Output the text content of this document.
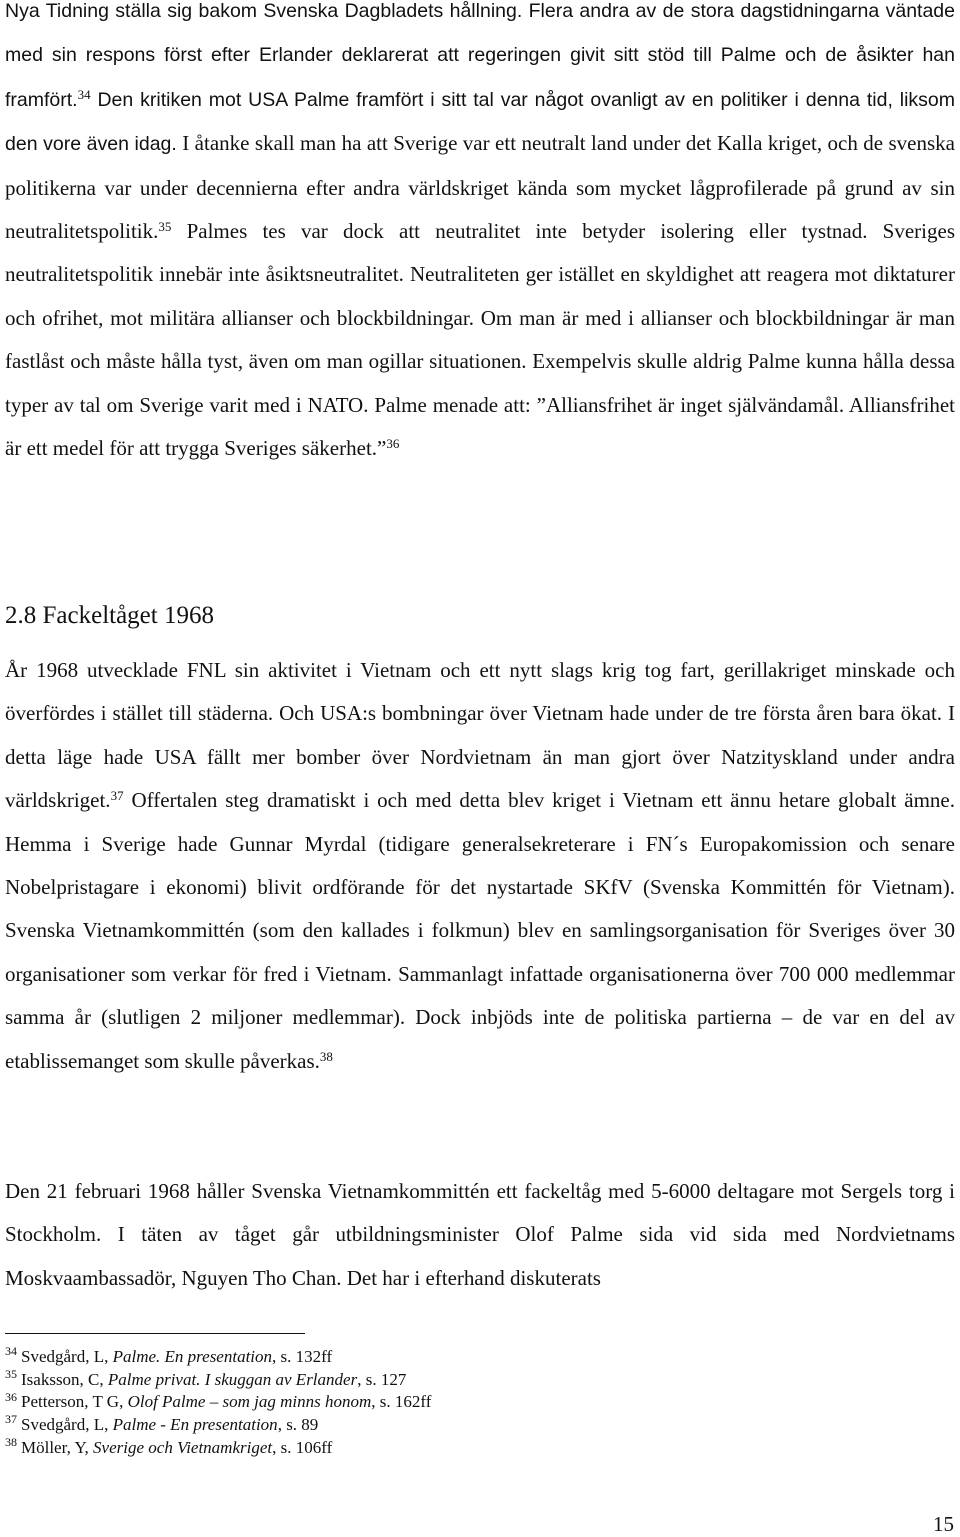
Nya Tidning ställa sig bakom Svenska Dagbladets hållning. Flera andra av de stora dagstidningarna väntade med sin respons först efter Erlander deklarerat att regeringen givit sitt stöd till Palme och de åsikter han framfört.$^{34}$ Den kritiken mot USA Palme framfört i sitt tal var något ovanligt av en politiker i denna tid, liksom den vore även idag. I åtanke skall man ha att Sverige var ett neutralt land under det Kalla kriget, och de svenska politikerna var under decennierna efter andra världskriget kända som mycket lågprofilerade på grund av sin neutralitetspolitik.$^{35}$ Palmes tes var dock att neutralitet inte betyder isolering eller tystnad. Sveriges neutralitetspolitik innebär inte åsiktsneutralitet. Neutraliteten ger istället en skyldighet att reagera mot diktaturer och ofrihet, mot militära allianser och blockbildningar. Om man är med i allianser och blockbildningar är man fastlåst och måste hålla tyst, även om man ogillar situationen. Exempelvis skulle aldrig Palme kunna hålla dessa typer av tal om Sverige varit med i NATO. Palme menade att: ”Alliansfrihet är inget självändamål. Alliansfrihet är ett medel för att trygga Sveriges säkerhet.”$^{36}$

2.8 Fackeltåget 1968

År 1968 utvecklade FNL sin aktivitet i Vietnam och ett nytt slags krig tog fart, gerillakriget minskade och överfördes i stället till städerna. Och USA:s bombningar över Vietnam hade under de tre första åren bara ökat. I detta läge hade USA fällt mer bomber över Nordvietnam än man gjort över Natzityskland under andra världskriget.$^{37}$ Offertalen steg dramatiskt i och med detta blev kriget i Vietnam ett ännu hetare globalt ämne. Hemma i Sverige hade Gunnar Myrdal (tidigare generalsekreterare i FN´s Europakomission och senare Nobelpristagare i ekonomi) blivit ordförande för det nystartade SKfV (Svenska Kommittén för Vietnam). Svenska Vietnamkommittén (som den kallades i folkmun) blev en samlingsorganisation för Sveriges över 30 organisationer som verkar för fred i Vietnam. Sammanlagt infattade organisationerna över 700 000 medlemmar samma år (slutligen 2 miljoner medlemmar). Dock inbjöds inte de politiska partierna – de var en del av etablissemanget som skulle påverkas.$^{38}$

Den 21 februari 1968 håller Svenska Vietnamkommittén ett fackeltåg med 5-6000 deltagare mot Sergels torg i Stockholm. I täten av tåget går utbildningsminister Olof Palme sida vid sida med Nordvietnams Moskvaambassadör, Nguyen Tho Chan. Det har i efterhand diskuterats

$^{34}$ Svedgård, L, Palme. En presentation, s. 132ff
$^{35}$ Isaksson, C, Palme privat. I skuggan av Erlander, s. 127
$^{36}$ Petterson, T G, Olof Palme – som jag minns honom, s. 162ff
$^{37}$ Svedgård, L, Palme - En presentation, s. 89
$^{38}$ Möller, Y, Sverige och Vietnamkriget, s. 106ff
15
